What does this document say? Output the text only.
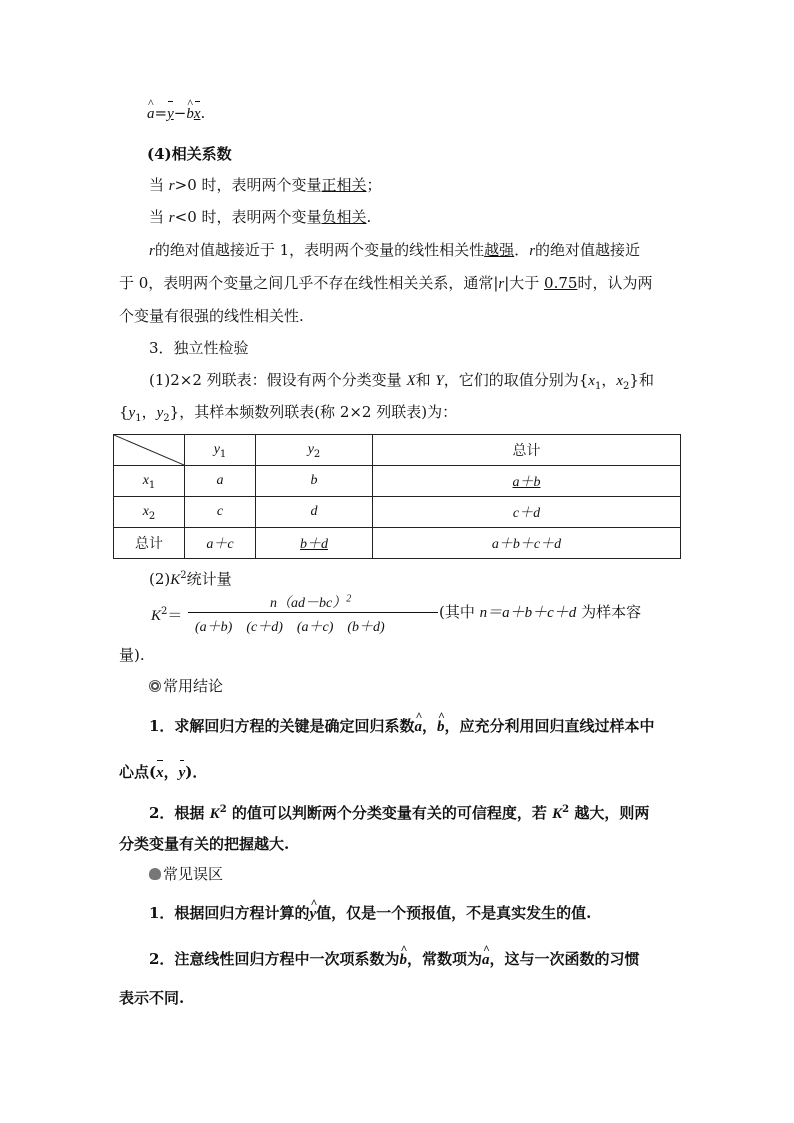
^ a=y−^ bx.
(4)相关系数
当 r>0 时，表明两个变量正相关；
当 r<0 时，表明两个变量负相关.
r的绝对值越接近于 1，表明两个变量的线性相关性越强．r的绝对值越接近
于 0，表明两个变量之间几乎不存在线性相关关系，通常|r|大于 0.75时，认为两
个变量有很强的线性相关性.
3．独立性检验
(1)2×2 列联表：假设有两个分类变量 X和 Y，它们的取值分别为{$x_1$，$x_2$}和
{$y_1$，$y_2$}，其样本频数列联表(称 2×2 列联表)为：
	$y_1$	$y_2$	总计
$x_1$	a	b	a＋b
$x_2$	c	d	c＋d
总计	a＋c	b＋d	a＋b＋c＋d
$(2)K^2$统计量
$K^2=$
$n(ad-bc)^2$
(a＋b)　(c＋d)　(a＋c)　(b＋d)
(其中 n＝a＋b＋c＋d 为样本容
量).
常用结论
1．求解回归方程的关键是确定回归系数^ a，^ b，应充分利用回归直线过样本中
心点(x，y)．
2．根据 $K^2$ 的值可以判断两个分类变量有关的可信程度，若 $K^2$ 越大，则两
分类变量有关的把握越大.
常见误区
1．根据回归方程计算的^ y值，仅是一个预报值，不是真实发生的值.
2．注意线性回归方程中一次项系数为^ b，常数项为^ a，这与一次函数的习惯
表示不同.
